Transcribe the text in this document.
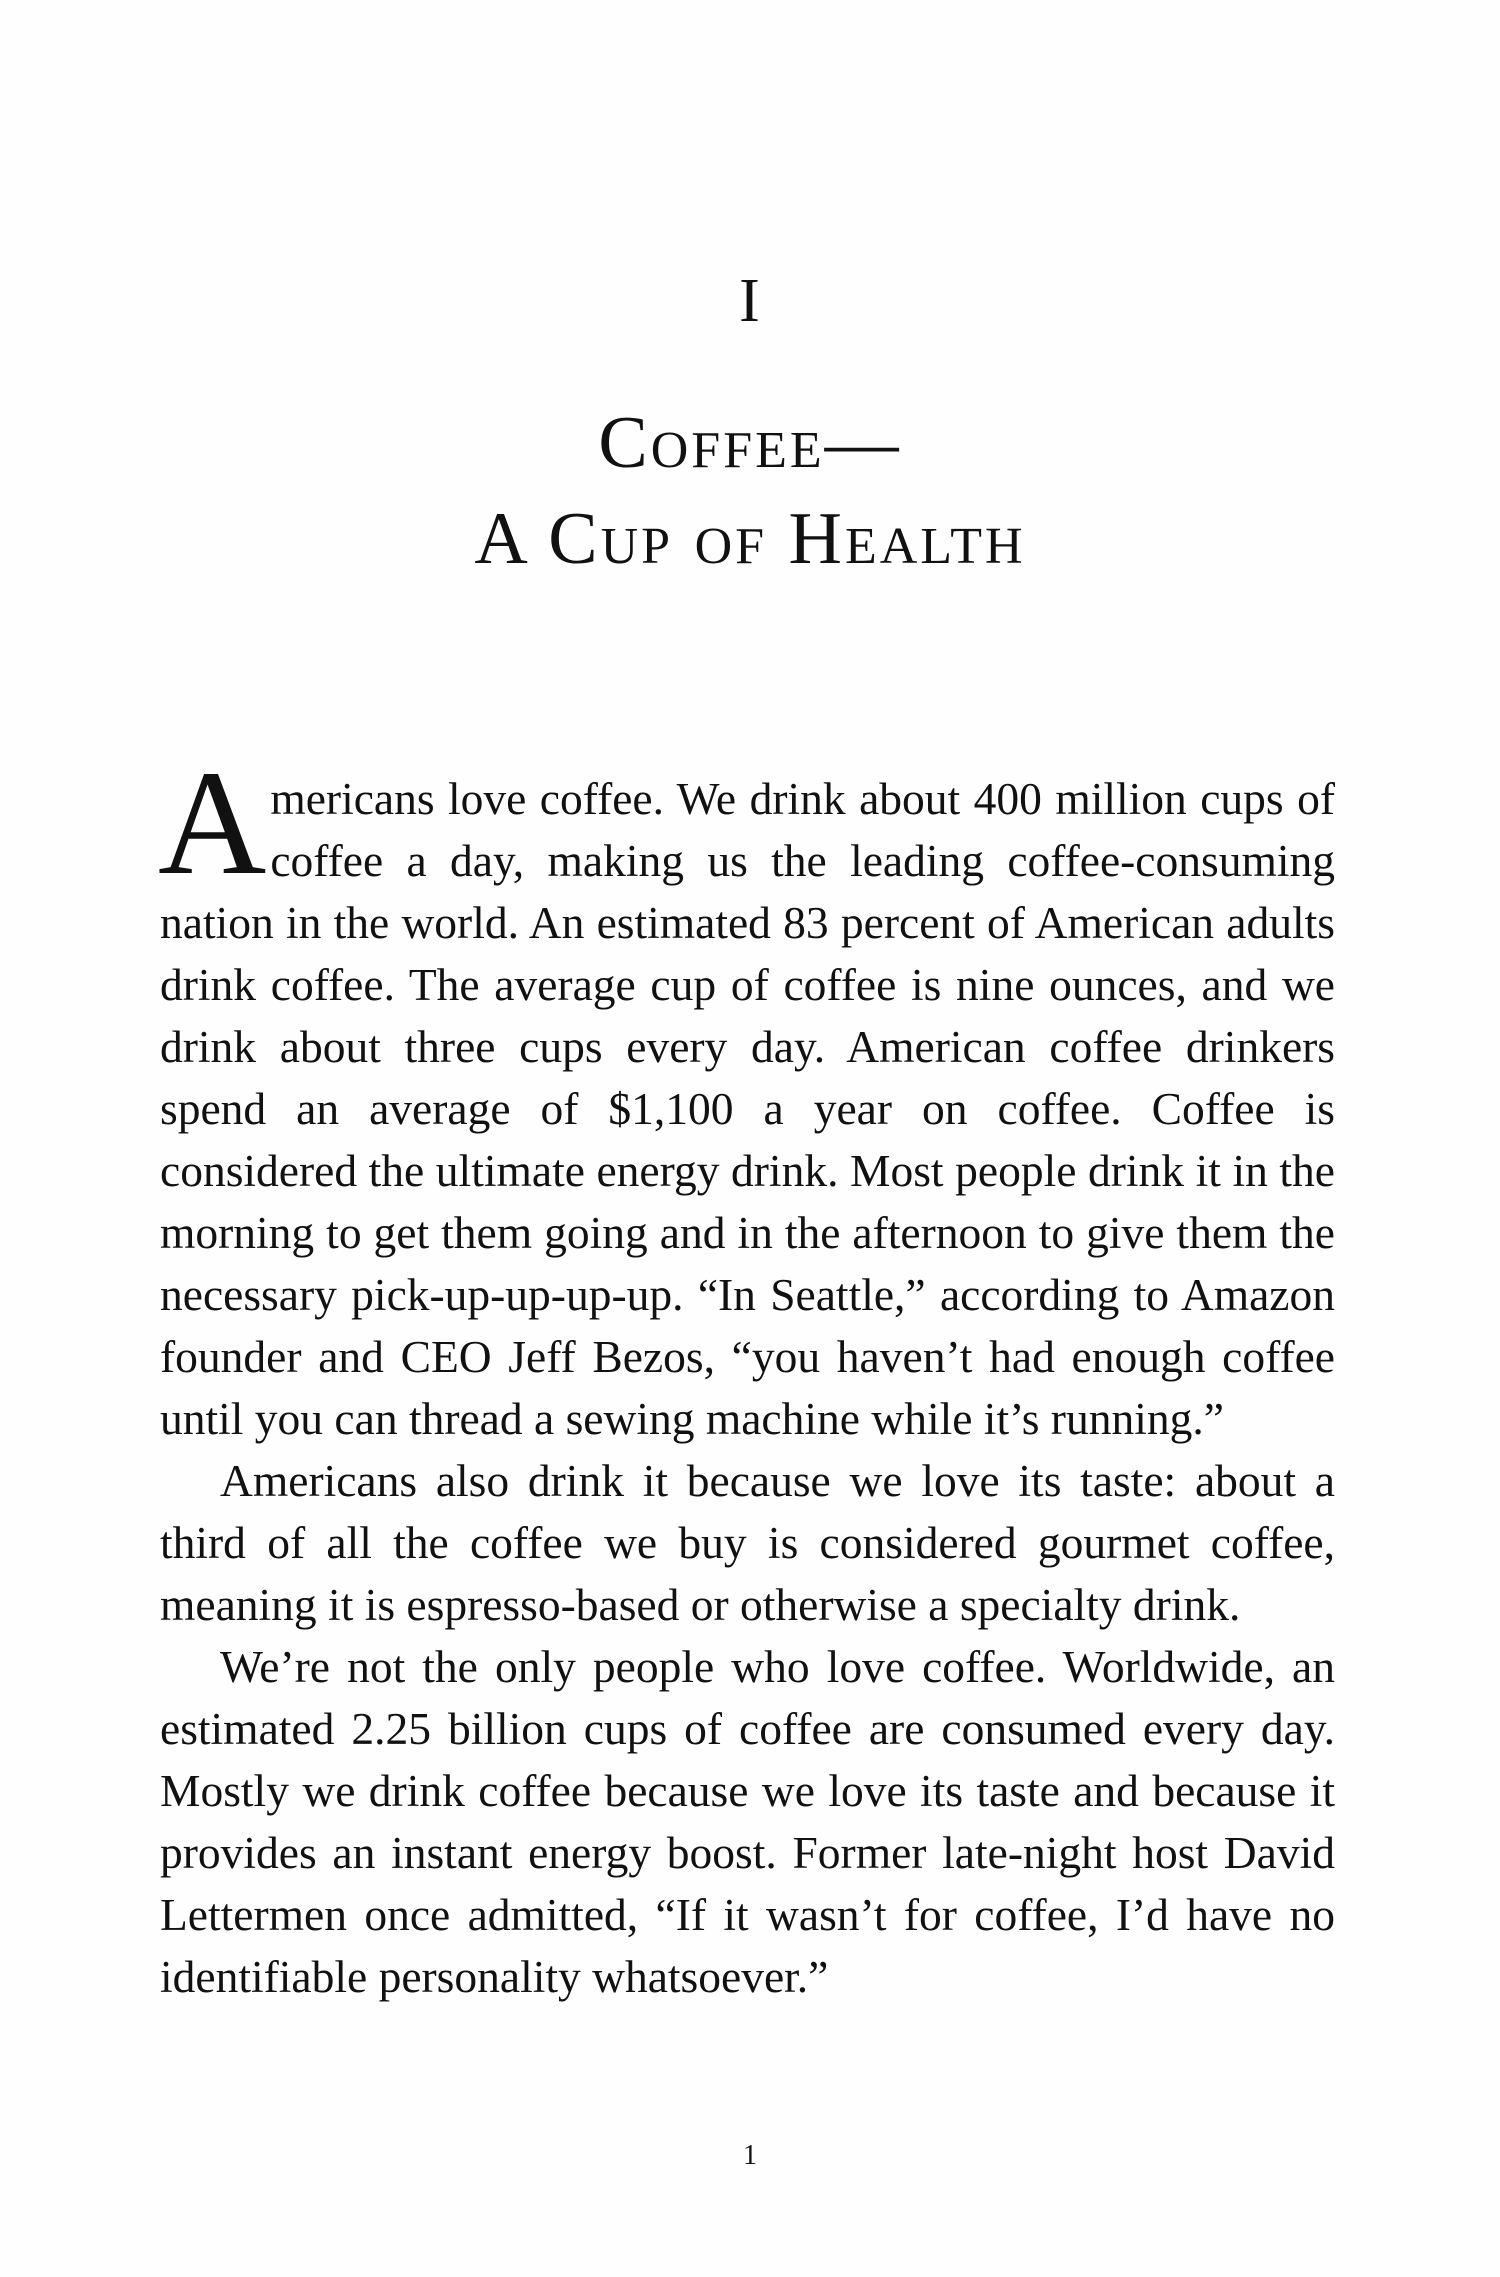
I
Coffee—
A Cup of Health

Americans love coffee. We drink about 400 million cups of coffee a day, making us the leading coffee-consuming nation in the world. An estimated 83 percent of American adults drink coffee. The average cup of coffee is nine ounces, and we drink about three cups every day. American coffee drinkers spend an average of $1,100 a year on coffee. Coffee is considered the ultimate energy drink. Most people drink it in the morning to get them going and in the afternoon to give them the necessary pick-up-up-up-up. “In Seattle,” according to Amazon founder and CEO Jeff Bezos, “you haven’t had enough coffee until you can thread a sewing machine while it’s running.”

Americans also drink it because we love its taste: about a third of all the coffee we buy is considered gourmet coffee, meaning it is espresso-based or otherwise a specialty drink.

We’re not the only people who love coffee. Worldwide, an estimated 2.25 billion cups of coffee are consumed every day. Mostly we drink coffee because we love its taste and because it provides an instant energy boost. Former late-night host David Lettermen once admitted, “If it wasn’t for coffee, I’d have no identifiable personality whatsoever.”

1
